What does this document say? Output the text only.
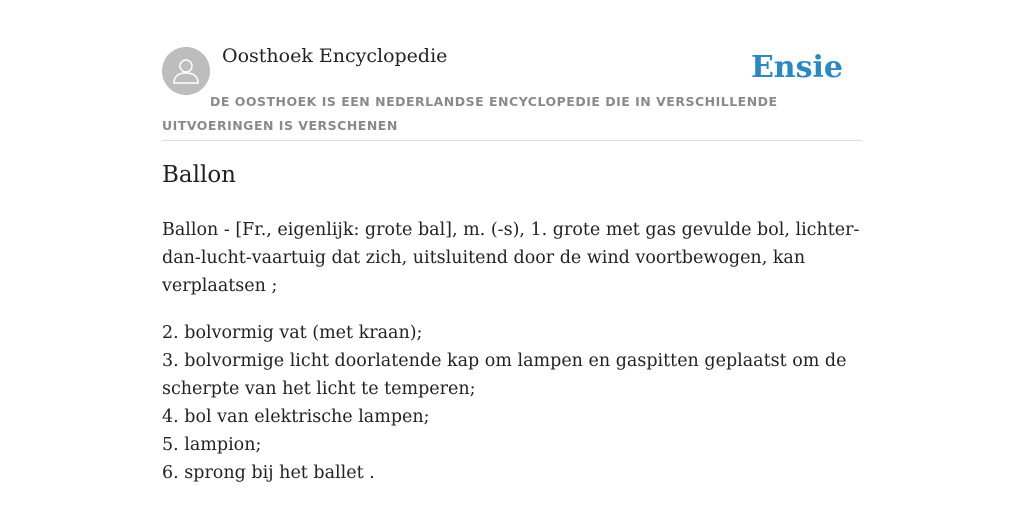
Oosthoek Encyclopedie	Ensie
DE OOSTHOEK IS EEN NEDERLANDSE ENCYCLOPEDIE DIE IN VERSCHILLENDE UITVOERINGEN IS VERSCHENEN
Ballon

Ballon - [Fr., eigenlijk: grote bal], m. (-s), 1. grote met gas gevulde bol, lichter-dan-lucht-vaartuig dat zich, uitsluitend door de wind voortbewogen, kan verplaatsen ;

2. bolvormig vat (met kraan);
3. bolvormige licht doorlatende kap om lampen en gaspitten geplaatst om de scherpte van het licht te temperen;
4. bol van elektrische lampen;
5. lampion;
6. sprong bij het ballet .
